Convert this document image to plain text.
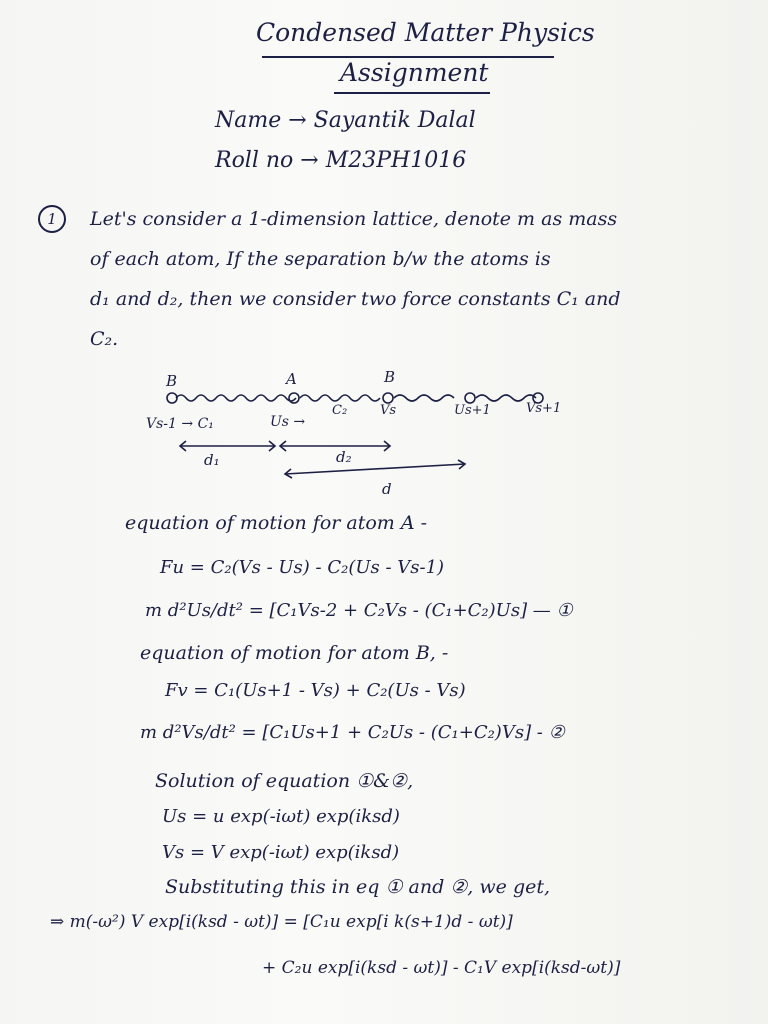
Condensed Matter Physics
Assignment
Name → Sayantik Dalal
Roll no → M23PH1016
1	Let's consider a 1-dimension lattice, denote m as mass
of each atom, If the separation b/w the atoms is
d₁ and d₂, then we consider two force constants C₁ and
C₂.
B	A	B
Vs-1 → C₁	Us →
C₂	Vs	Us+1	Vs+1
d₁	d₂
d
equation of motion for atom A -
Fu = C₂(Vs - Us) - C₂(Us - Vs-1)
m d²Us/dt² = [C₁Vs-2 + C₂Vs - (C₁+C₂)Us] — ①
equation of motion for atom B, -
Fv = C₁(Us+1 - Vs) + C₂(Us - Vs)
m d²Vs/dt² = [C₁Us+1 + C₂Us - (C₁+C₂)Vs] - ②
Solution of equation ①&②,
Us = u exp(-iωt) exp(iksd)
Vs = V exp(-iωt) exp(iksd)
Substituting this in eq ① and ②, we get,
⇒ m(-ω²) V exp[i(ksd - ωt)] = [C₁u exp[i k(s+1)d - ωt)]
+ C₂u exp[i(ksd - ωt)] - C₁V exp[i(ksd-ωt)]
